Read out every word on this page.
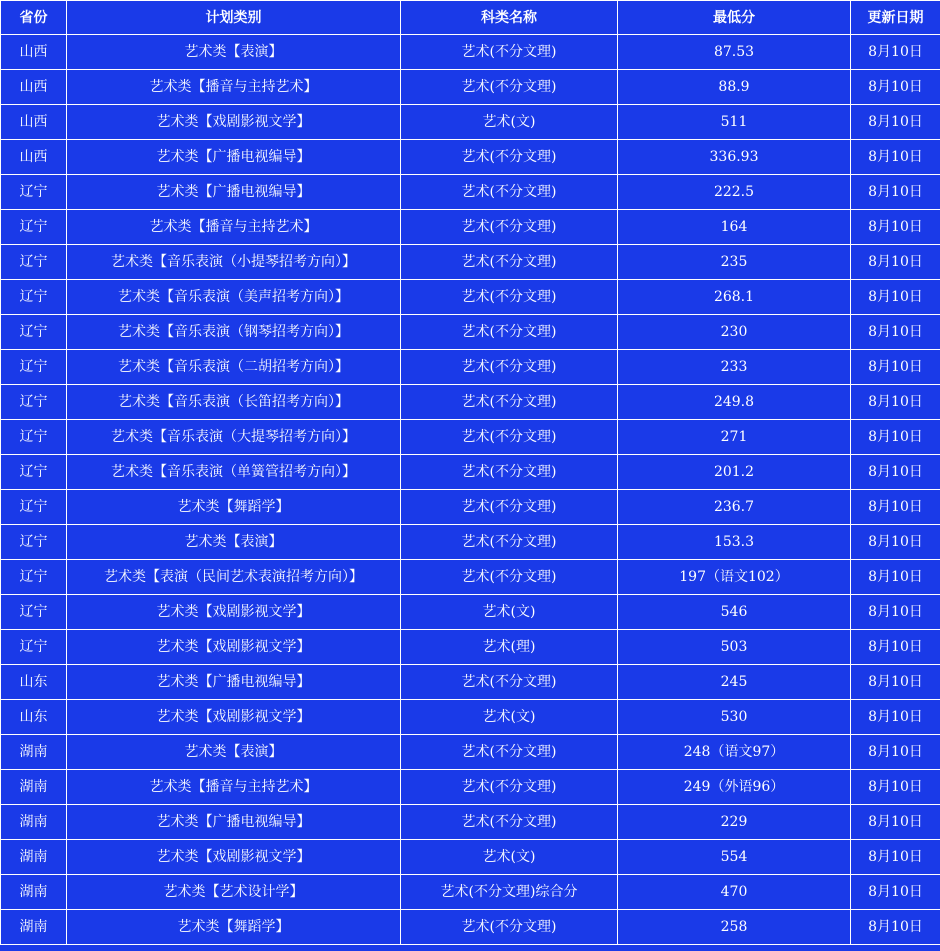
省份	计划类别	科类名称	最低分	更新日期
山西	艺术类【表演】	艺术(不分文理)	87.53	8月10日
山西	艺术类【播音与主持艺术】	艺术(不分文理)	88.9	8月10日
山西	艺术类【戏剧影视文学】	艺术(文)	511	8月10日
山西	艺术类【广播电视编导】	艺术(不分文理)	336.93	8月10日
辽宁	艺术类【广播电视编导】	艺术(不分文理)	222.5	8月10日
辽宁	艺术类【播音与主持艺术】	艺术(不分文理)	164	8月10日
辽宁	艺术类【音乐表演（小提琴招考方向）】	艺术(不分文理)	235	8月10日
辽宁	艺术类【音乐表演（美声招考方向）】	艺术(不分文理)	268.1	8月10日
辽宁	艺术类【音乐表演（钢琴招考方向）】	艺术(不分文理)	230	8月10日
辽宁	艺术类【音乐表演（二胡招考方向）】	艺术(不分文理)	233	8月10日
辽宁	艺术类【音乐表演（长笛招考方向）】	艺术(不分文理)	249.8	8月10日
辽宁	艺术类【音乐表演（大提琴招考方向）】	艺术(不分文理)	271	8月10日
辽宁	艺术类【音乐表演（单簧管招考方向）】	艺术(不分文理)	201.2	8月10日
辽宁	艺术类【舞蹈学】	艺术(不分文理)	236.7	8月10日
辽宁	艺术类【表演】	艺术(不分文理)	153.3	8月10日
辽宁	艺术类【表演（民间艺术表演招考方向）】	艺术(不分文理)	197（语文102）	8月10日
辽宁	艺术类【戏剧影视文学】	艺术(文)	546	8月10日
辽宁	艺术类【戏剧影视文学】	艺术(理)	503	8月10日
山东	艺术类【广播电视编导】	艺术(不分文理)	245	8月10日
山东	艺术类【戏剧影视文学】	艺术(文)	530	8月10日
湖南	艺术类【表演】	艺术(不分文理)	248（语文97）	8月10日
湖南	艺术类【播音与主持艺术】	艺术(不分文理)	249（外语96）	8月10日
湖南	艺术类【广播电视编导】	艺术(不分文理)	229	8月10日
湖南	艺术类【戏剧影视文学】	艺术(文)	554	8月10日
湖南	艺术类【艺术设计学】	艺术(不分文理)综合分	470	8月10日
湖南	艺术类【舞蹈学】	艺术(不分文理)	258	8月10日
